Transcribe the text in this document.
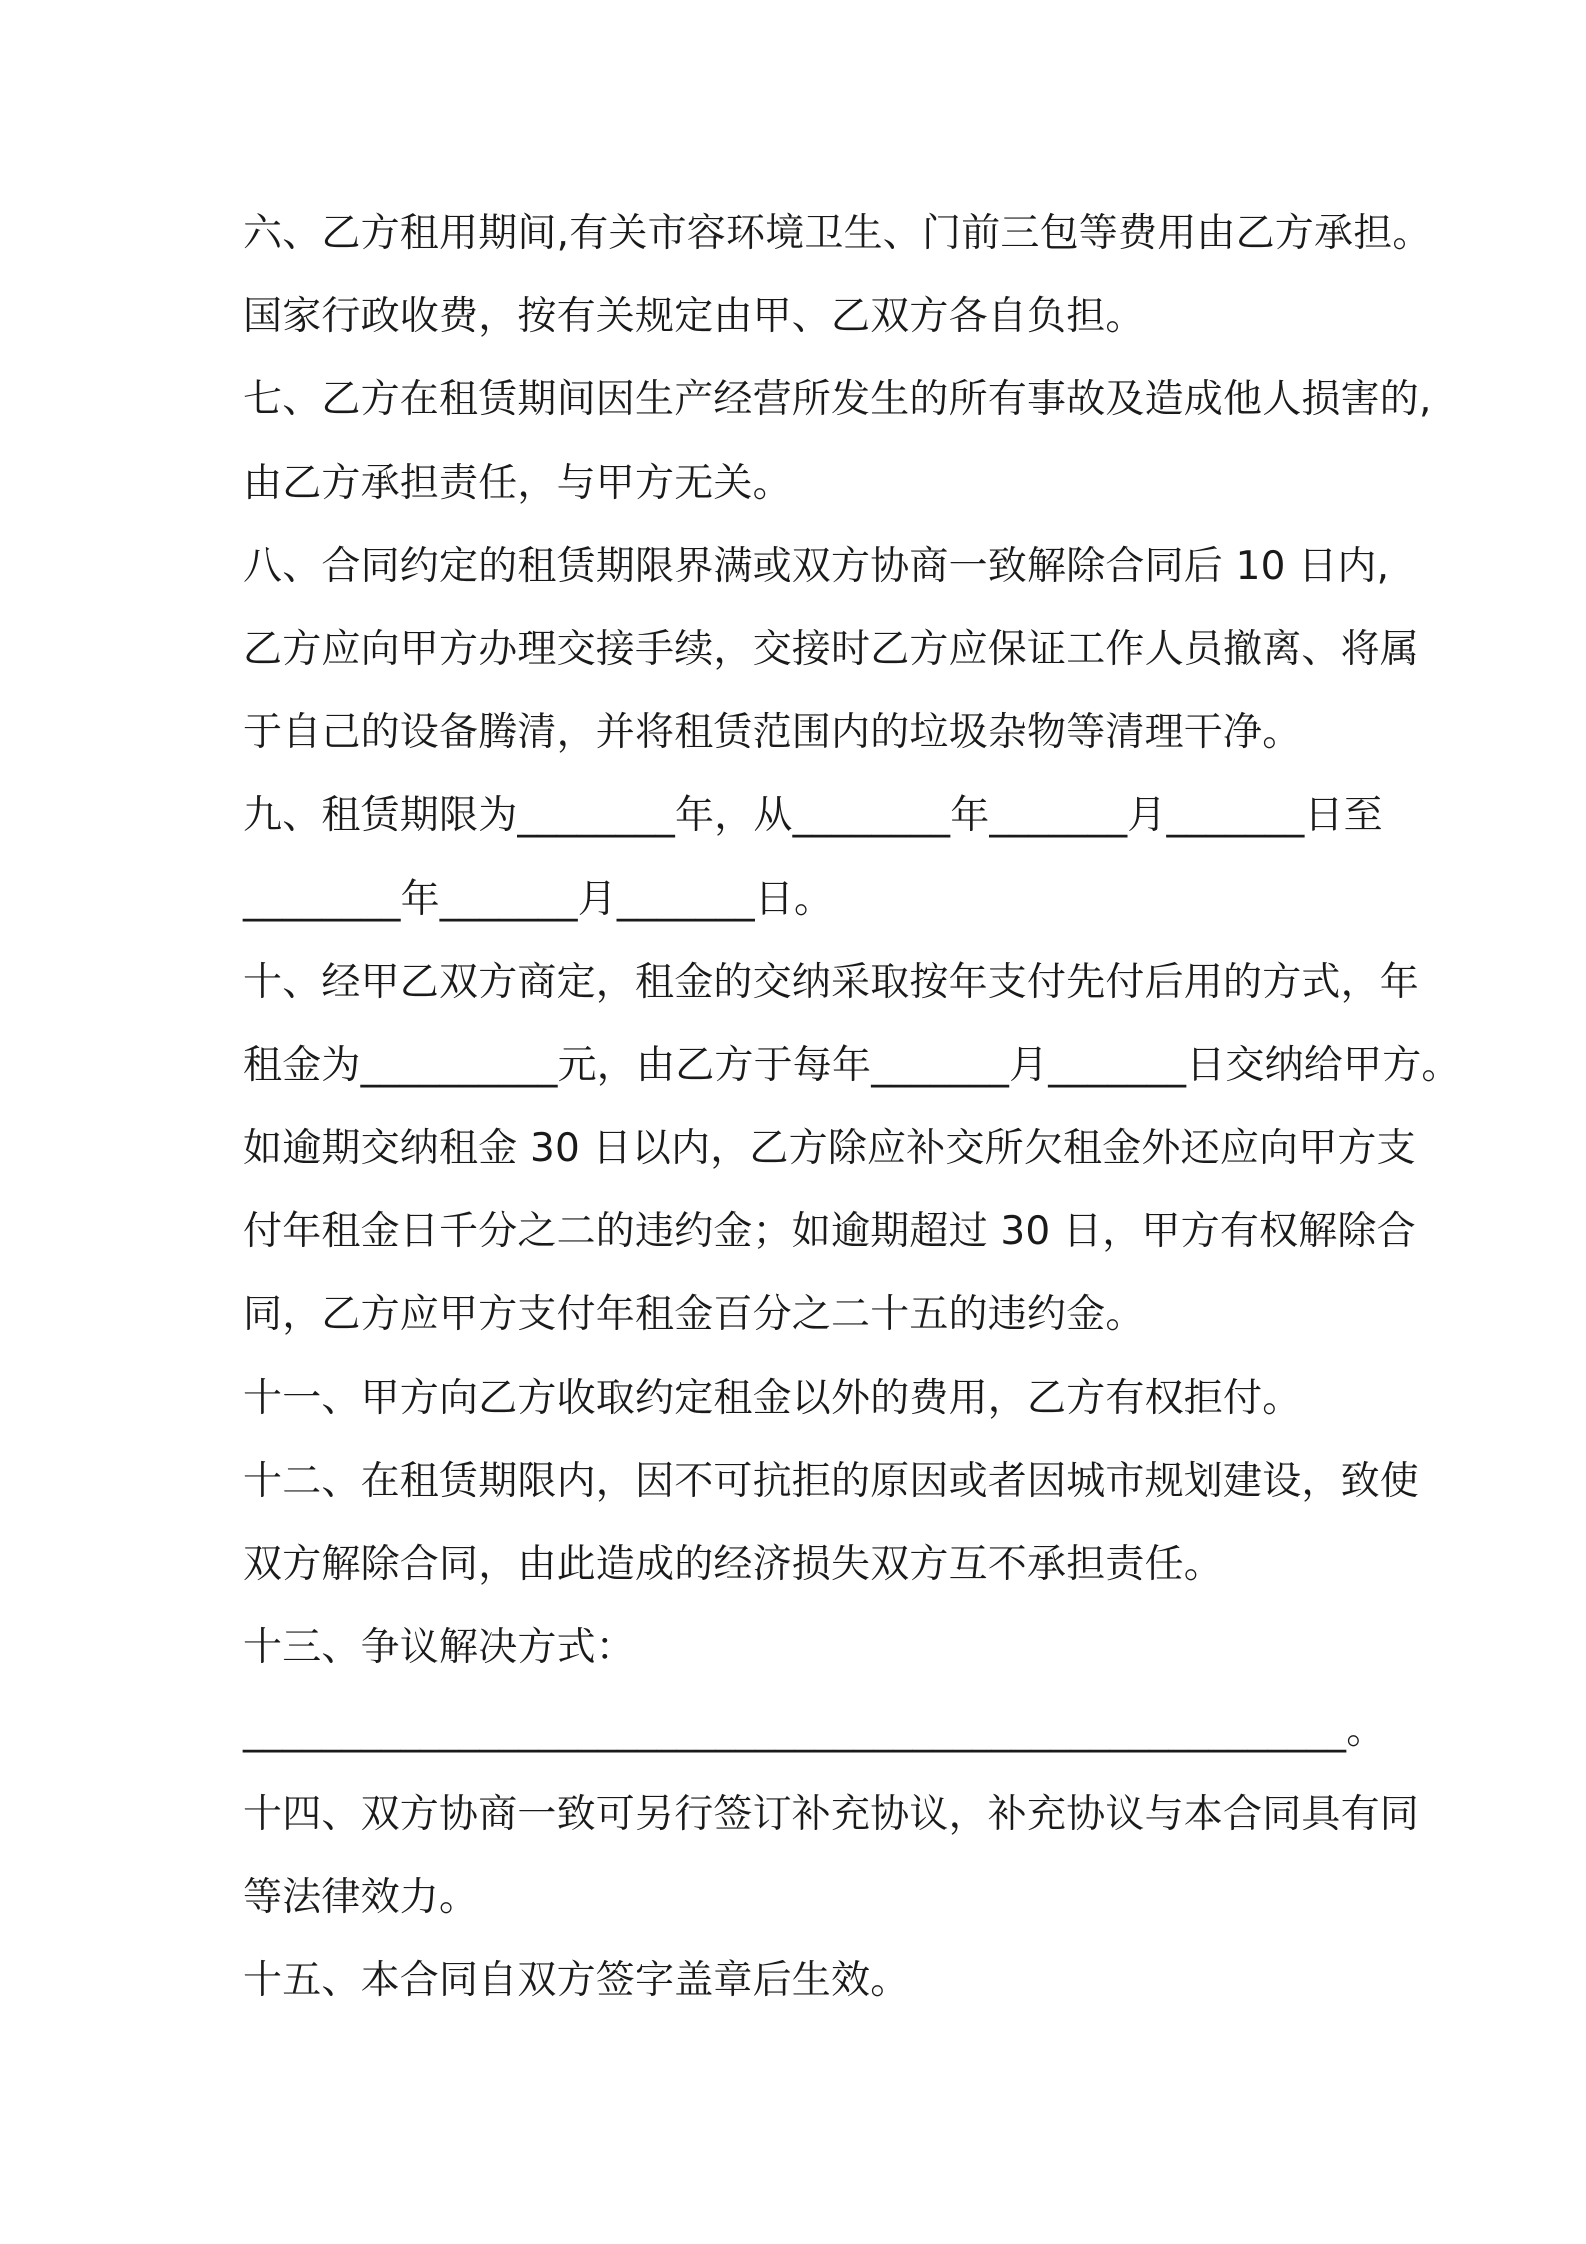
六、乙方租用期间,有关市容环境卫生、门前三包等费用由乙方承担。
国家行政收费，按有关规定由甲、乙双方各自负担。
七、乙方在租赁期间因生产经营所发生的所有事故及造成他人损害的,
由乙方承担责任，与甲方无关。
八、合同约定的租赁期限界满或双方协商一致解除合同后 10 日内,
乙方应向甲方办理交接手续，交接时乙方应保证工作人员撤离、将属
于自己的设备腾清，并将租赁范围内的垃圾杂物等清理干净。
九、租赁期限为________年，从________年_______月_______日至
________年_______月_______日。
十、经甲乙双方商定，租金的交纳采取按年支付先付后用的方式，年
租金为__________元，由乙方于每年_______月_______日交纳给甲方。
如逾期交纳租金 30 日以内，乙方除应补交所欠租金外还应向甲方支
付年租金日千分之二的违约金；如逾期超过 30 日，甲方有权解除合
同，乙方应甲方支付年租金百分之二十五的违约金。
十一、甲方向乙方收取约定租金以外的费用，乙方有权拒付。
十二、在租赁期限内，因不可抗拒的原因或者因城市规划建设，致使
双方解除合同，由此造成的经济损失双方互不承担责任。
十三、争议解决方式：
________________________________________________________。
十四、双方协商一致可另行签订补充协议，补充协议与本合同具有同
等法律效力。
十五、本合同自双方签字盖章后生效。
